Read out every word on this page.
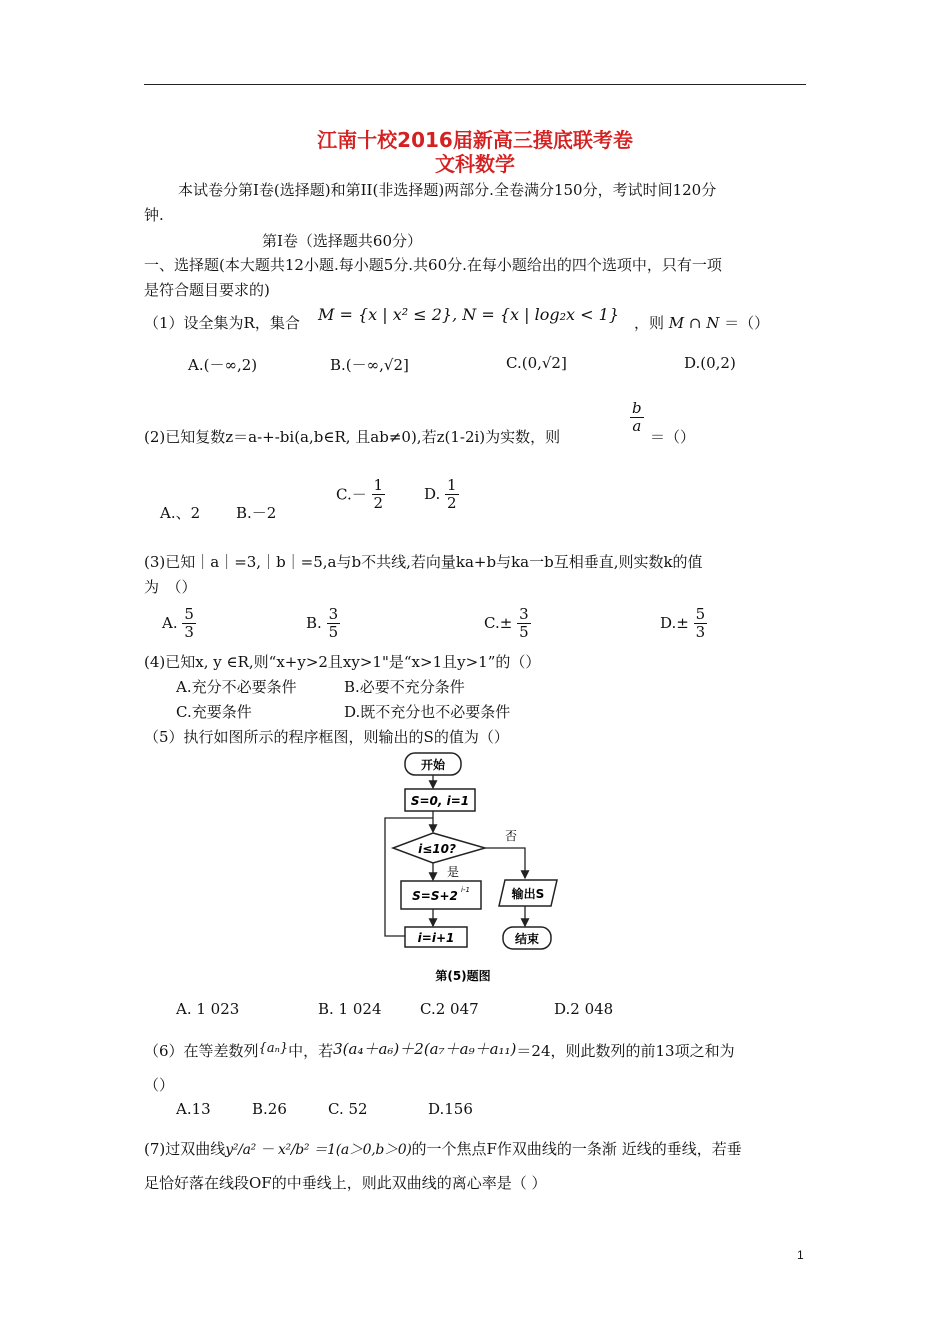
江南十校2016届新高三摸底联考卷
文科数学
本试卷分第Ⅰ卷(选择题)和第II(非选择题)两部分.全卷满分150分，考试时间120分
钟.
第Ⅰ卷（选择题共60分）
一、选择题(本大题共12小题.每小题5分.共60分.在每小题给出的四个选项中，只有一项
是符合题目要求的)
（1）设全集为R，集合 M = {x | x² ≤ 2}, N = {x | log₂x < 1} ，则 M ∩ N ＝（）
A.(－∞,2)	B.(－∞,√2]	C.(0,√2]	D.(0,2)
(2)已知复数z＝a-+-bi(a,b∈R, 且ab≠0),若z(1-2i)为实数，则
$\frac{b}{a}$
＝（）
A.、2 B.－2
$C.- \frac{1}{2}$	D. $\frac{1}{2}$
(3)已知｜a｜=3,｜b｜=5,a与b不共线,若向量ka+b与ka一b互相垂直,则实数k的值
为　（）
A. $\frac{5}{3}$	B. $\frac{3}{5}$	$C.\pm \frac{3}{5}$	$D.\pm \frac{5}{3}$
(4)已知x, y ∈R,则“x+y>2且xy>1"是“x>1且y>1”的（）
A.充分不必要条件	B.必要不充分条件
C.充要条件	D.既不充分也不必要条件
（5）执行如图所示的程序框图，则输出的S的值为（）
开始
S=0, i=1
i≤10?
否
是
S=S+2 i-1
i=i+1
输出S
结束
第(5)题图
A. 1 023	B. 1 024	C.2 047	D.2 048
（6）在等差数列{aₙ}中，若3(a₄＋a₆)＋2(a₇＋a₉＋a₁₁)＝24，则此数列的前13项之和为
（）
A.13	B.26	C. 52	D.156
(7)过双曲线y²/a² － x²/b² ＝1(a＞0,b＞0)的一个焦点F作双曲线的一条渐 近线的垂线，若垂
足恰好落在线段OF的中垂线上，则此双曲线的离心率是（ ）
1
